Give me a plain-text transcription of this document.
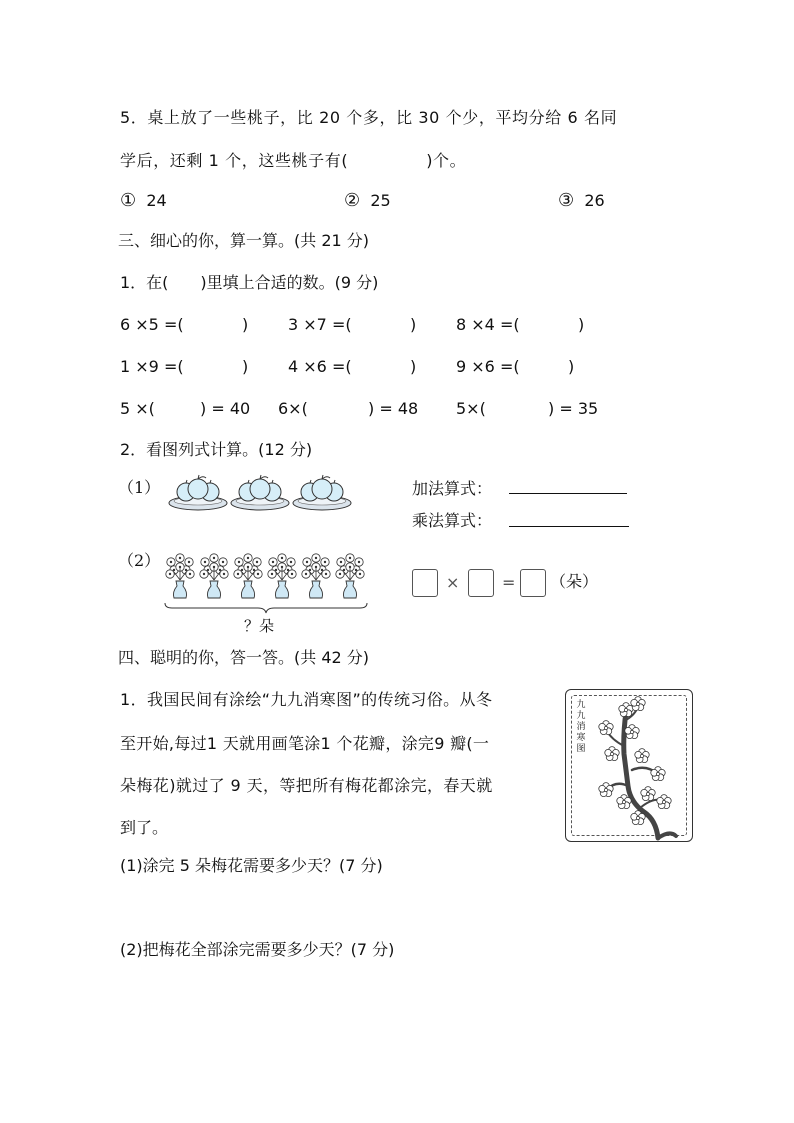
5．桌上放了一些桃子，比 20 个多，比 30 个少，平均分给 6 名同
学后，还剩 1 个，这些桃子有(	)个。
① 24	② 25	③ 26
三、细心的你，算一算。(共 21 分)
1．在(　　)里填上合适的数。(9 分)
6 ×5 =(	) 3 ×7 =(	) 8 ×4 =(	)
1 ×9 =(	) 4 ×6 =(	) 9 ×6 =(	)
5 ×(	) = 40 6×(	) = 48 5×(	) = 35
2．看图列式计算。(12 分)
（1）	加法算式：
乘法算式：
（2）
？朵
×	= （朵）
四、聪明的你，答一答。(共 42 分)
1．我国民间有涂绘“九九消寒图”的传统习俗。从冬
至开始,每过1 天就用画笔涂1 个花瓣，涂完9 瓣(一
朵梅花)就过了 9 天，等把所有梅花都涂完，春天就
到了。
九
九
消
寒
图
(1)涂完 5 朵梅花需要多少天？(7 分)
(2)把梅花全部涂完需要多少天？(7 分)
